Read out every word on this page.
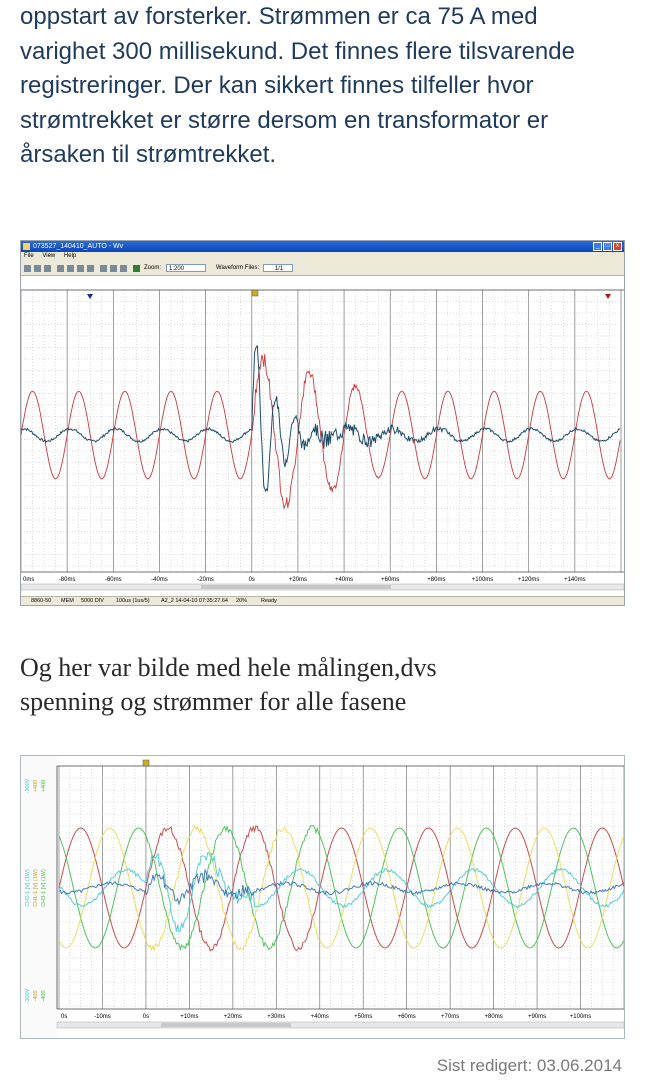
oppstart av forsterker. Strømmen er ca 75 A med

varighet 300 millisekund. Det finnes flere tilsvarende

registreringer. Der kan sikkert finnes tilfeller hvor

strømtrekket er større dersom en transformator er

årsaken til strømtrekket.

073527_140410_AUTO - Wv	_	□	x
File View Help
Zoom:	1:200	Waveform Files:	1/1
0ms	-80ms	-60ms	-40ms	-20ms	0s	+20ms	+40ms	+60ms	+80ms	+100ms	+120ms	+140ms
8860-50 MEM 5000 DIV 100us (1us/5) A2_2 14-04-10 07:35:27.64 20%	Ready

Og her var bilde med hele målingen,dvs

spenning og strømmer for alle fasene

-300V
CH2-1 [V] (1W)
-300V
+400
CH1-1 [V] (1W)
-400
+400
CH3-1 [V] (1W)
-400
0s	-10ms	0s	+10ms	+20ms	+30ms	+40ms	+50ms	+60ms	+70ms	+80ms	+90ms	+100ms
Sist redigert: 03.06.2014
